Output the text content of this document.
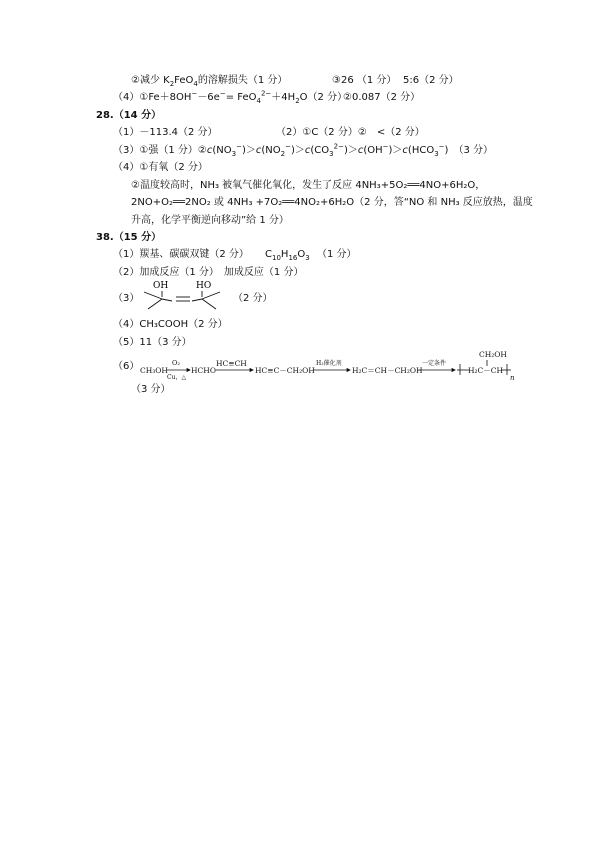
②减少 $K_2FeO_4$的溶解损失（1 分）	③26 （1 分） 5:6（2 分）
（4）①Fe＋8OH−－6e−= $FeO_4^{2-}+4H_2O(2$ 分）
②0.087（2 分）
28.（14 分）
（1）－113.4（2 分）	（2）①C（2 分）②　<（2 分）
（3）①强（1 分）$②c(NO_3^-)>c(NO_2^-)>c(CO_3^{2-})>c(OH^-)>c(HCO_3^-)$　（3 分）
（4）①有氧（2 分）
②温度较高时，NH₃ 被氧气催化氧化，发生了反应 4NH₃+5O₂══4NO+6H₂O，
2NO+O₂══2NO₂ 或 4NH₃ +7O₂══4NO₂+6H₂O（2 分，答“NO 和 NH₃ 反应放热，温度
升高，化学平衡逆向移动”给 1 分）
38.（15 分）
（1）羰基、碳碳双键（2 分） $C_{10}H_{16}O_3$ （1 分）
（2）加成反应（1 分）　加成反应（1 分）
（3）
OH	HO
（2 分）
（4）CH₃COOH（2 分）
（5）11（3 分）
（6） CH₃OH
O₂
Cu，△
HCHO
HC≡CH
HC≡C－CH₂OH
H₂催化剂
H₂C＝CH－CH₂OH
一定条件
H₂C－CH
CH₂OH
n
（3 分）
